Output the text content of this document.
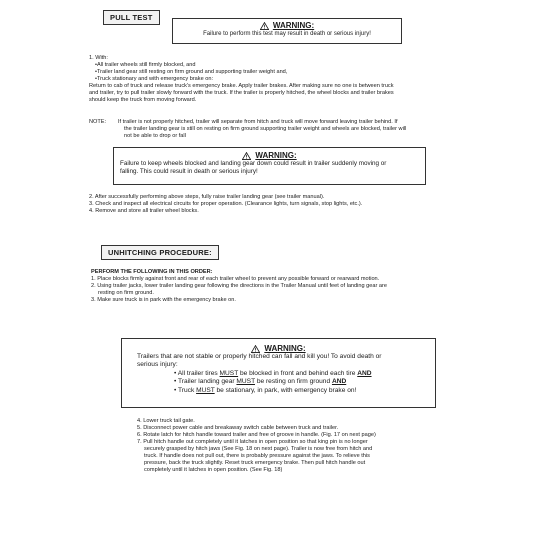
PULL TEST
WARNING:
Failure to perform this test may result in death or serious injury!

1. With:

•All trailer wheels still firmly blocked, and
•Trailer land gear still resting on firm ground and supporting trailer weight and,
•Truck stationary and with emergency brake on:

Return to cab of truck and release truck's emergency brake. Apply trailer brakes. After making sure no one is between truck

and trailer, try to pull trailer slowly forward with the truck. If the trailer is properly hitched, the wheel blocks and trailer brakes

should keep the truck from moving forward.

NOTE: If trailer is not properly hitched, trailer will separate from hitch and truck will move forward leaving trailer behind. If

the trailer landing gear is still on resting on firm ground supporting trailer weight and wheels are blocked, trailer will

not be able to drop or fall

WARNING:
Failure to keep wheels blocked and landing gear down could result in trailer suddenly moving or
falling. This could result in death or serious injury!

2. After successfully performing above steps, fully raise trailer landing gear (see trailer manual).

3. Check and inspect all electrical circuits for proper operation. (Clearance lights, turn signals, stop lights, etc.).

4. Remove and store all trailer wheel blocks.

UNHITCHING PROCEDURE:

PERFORM THE FOLLOWING IN THIS ORDER:

1. Place blocks firmly against front and rear of each trailer wheel to prevent any possible forward or rearward motion.

2. Using trailer jacks, lower trailer landing gear following the directions in the Trailer Manual until feet of landing gear are

resting on firm ground.

3. Make sure truck is in park with the emergency brake on.

WARNING:
Trailers that are not stable or properly hitched can fall and kill you! To avoid death or
serious injury:
• All trailer tires MUST be blocked in front and behind each tire AND
• Trailer landing gear MUST be resting on firm ground AND
• Truck MUST be stationary, in park, with emergency brake on!

4. Lower truck tail gate.

5. Disconnect power cable and breakaway switch cable between truck and trailer.

6. Rotate latch for hitch handle toward trailer and free of groove in handle. (Fig. 17 on next page)

7. Pull hitch handle out completely until it latches in open position so that king pin is no longer

securely grasped by hitch jaws (See Fig. 18 on next page). Trailer is now free from hitch and

truck. If handle does not pull out, there is probably pressure against the jaws. To relieve this

pressure, back the truck slightly. Reset truck emergency brake. Then pull hitch handle out

completely until it latches in open position. (See Fig. 18)
